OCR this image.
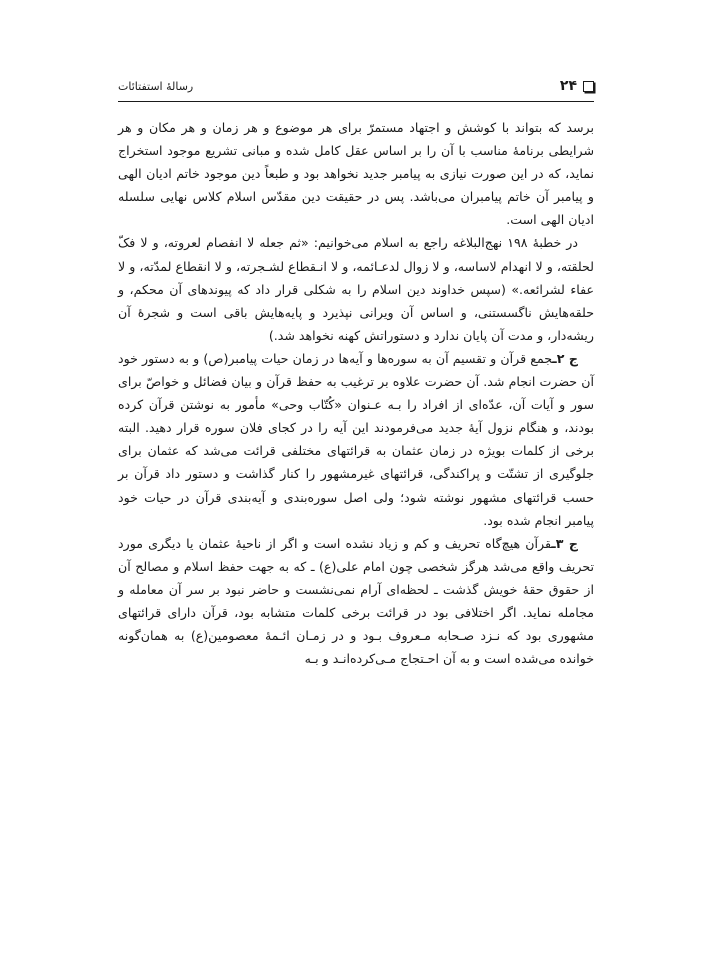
۲۴
رسالهٔ استفتائات

برسد که بتواند با کوشش و اجتهاد مستمرّ برای هر موضوع و هر زمان و هر مکان و هر شرایطی برنامهٔ مناسب با آن را بر اساس عقل کامل شده و مبانی تشریع موجود استخراج نماید، که در این صورت نیازی به پیامبر جدید نخواهد بود و طبعاً دین موجود خاتم ادیان الهی و پیامبر آن خاتم پیامبران می‌باشد. پس در حقیقت دین مقدّس اسلام کلاس نهایی سلسله ادیان الهی است.

در خطبهٔ ۱۹۸ نهج‌البلاغه راجع به اسلام می‌خوانیم: «ثم جعله لا انفصام لعروته، و لا فکّ لحلقته، و لا انهدام لاساسه، و لا زوال لدعـائمه، و لا انـقطاع لشـجرته، و لا انقطاع لمدّته، و لا عفاء لشرائعه.» (سپس خداوند دین اسلام را به شکلی قرار داد که پیوندهای آن محکم، و حلقه‌هایش ناگسستنی، و اساس آن ویرانی نپذیرد و پایه‌هایش باقی است و شجرهٔ آن ریشه‌دار، و مدت آن پایان ندارد و دستوراتش کهنه نخواهد شد.)

ج ۲ـجمع قرآن و تقسیم آن به سوره‌ها و آیه‌ها در زمان حیات پیامبر(ص) و به دستور خود آن حضرت انجام شد. آن حضرت علاوه بر ترغیب به حفظ قرآن و بیان فضائل و خواصّ برای سور و آیات آن، عدّه‌ای از افراد را بـه عـنوان «کُتّاب وحی» مأمور به نوشتن قرآن کرده بودند، و هنگام نزول آیهٔ جدید می‌فرمودند این آیه را در کجای فلان سوره قرار دهید. البته برخی از کلمات بویژه در زمان عثمان به قرائتهای مختلفی قرائت می‌شد که عثمان برای جلوگیری از تشتّت و پراکندگی، قرائتهای غیرمشهور را کنار گذاشت و دستور داد قرآن بر حسب قرائتهای مشهور نوشته شود؛ ولی اصل سوره‌بندی و آیه‌بندی قرآن در حیات خود پیامبر انجام شده بود.

ج ۳ـقرآن هیچ‌گاه تحریف و کم و زیاد نشده است و اگر از ناحیهٔ عثمان یا دیگری مورد تحریف واقع می‌شد هرگز شخصی چون امام علی(ع) ـ که به جهت حفظ اسلام و مصالح آن از حقوق حقهٔ خویش گذشت ـ لحظه‌ای آرام نمی‌نشست و حاضر نبود بر سر آن معامله و مجامله نماید. اگر اختلافی بود در قرائت برخی کلمات متشابه بود، قرآن دارای قرائتهای مشهوری بود که نـزد صـحابه مـعروف بـود و در زمـان ائـمهٔ معصومین(ع) به همان‌گونه خوانده می‌شده است و به آن احـتجاج مـی‌کرده‌انـد و بـه
